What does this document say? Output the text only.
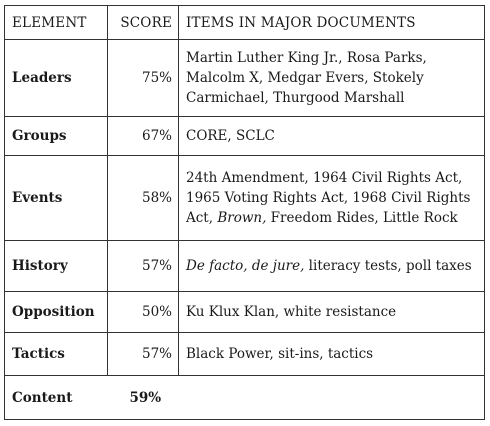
ELEMENT	SCORE	ITEMS IN MAJOR DOCUMENTS
Leaders	75%	Martin Luther King Jr., Rosa Parks, Malcolm X, Medgar Evers, Stokely Carmichael, Thurgood Marshall
Groups	67%	CORE, SCLC
Events	58%	24th Amendment, 1964 Civil Rights Act, 1965 Voting Rights Act, 1968 Civil Rights Act, Brown, Freedom Rides, Little Rock
History	57%	De facto, de jure, literacy tests, poll taxes
Opposition	50%	Ku Klux Klan, white resistance
Tactics	57%	Black Power, sit-ins, tactics
Content	59%	
